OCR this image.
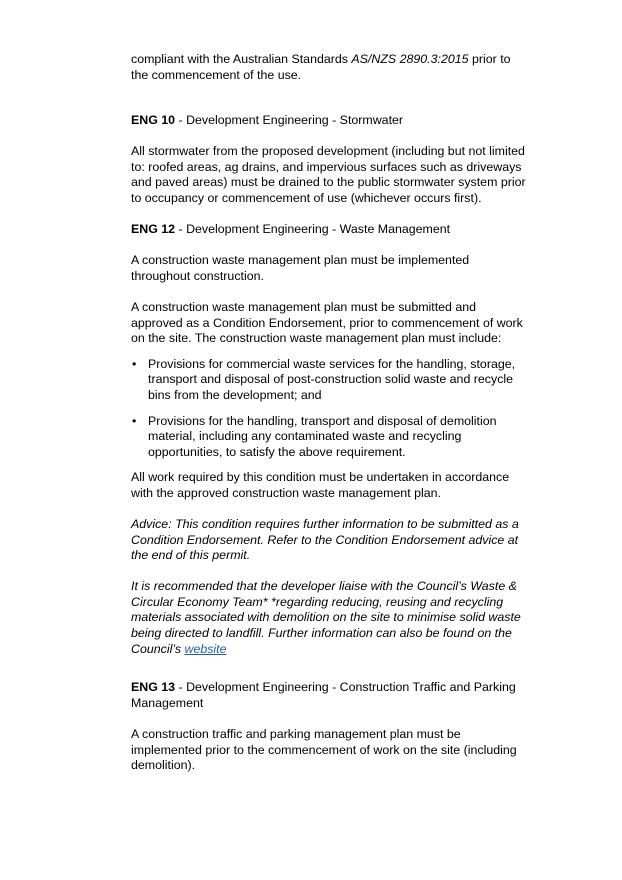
compliant with the Australian Standards AS/NZS 2890.3:2015 prior to the commencement of the use.

ENG 10 - Development Engineering - Stormwater

All stormwater from the proposed development (including but not limited to: roofed areas, ag drains, and impervious surfaces such as driveways and paved areas) must be drained to the public stormwater system prior to occupancy or commencement of use (whichever occurs first).

ENG 12 - Development Engineering - Waste Management

A construction waste management plan must be implemented throughout construction.

A construction waste management plan must be submitted and approved as a Condition Endorsement, prior to commencement of work on the site. The construction waste management plan must include:

• Provisions for commercial waste services for the handling, storage, transport and disposal of post-construction solid waste and recycle bins from the development; and
• Provisions for the handling, transport and disposal of demolition material, including any contaminated waste and recycling opportunities, to satisfy the above requirement.

All work required by this condition must be undertaken in accordance with the approved construction waste management plan.

Advice: This condition requires further information to be submitted as a Condition Endorsement. Refer to the Condition Endorsement advice at the end of this permit.

It is recommended that the developer liaise with the Council’s Waste & Circular Economy Team* *regarding reducing, reusing and recycling materials associated with demolition on the site to minimise solid waste being directed to landfill. Further information can also be found on the Council’s website

ENG 13 - Development Engineering - Construction Traffic and Parking Management

A construction traffic and parking management plan must be implemented prior to the commencement of work on the site (including demolition).
